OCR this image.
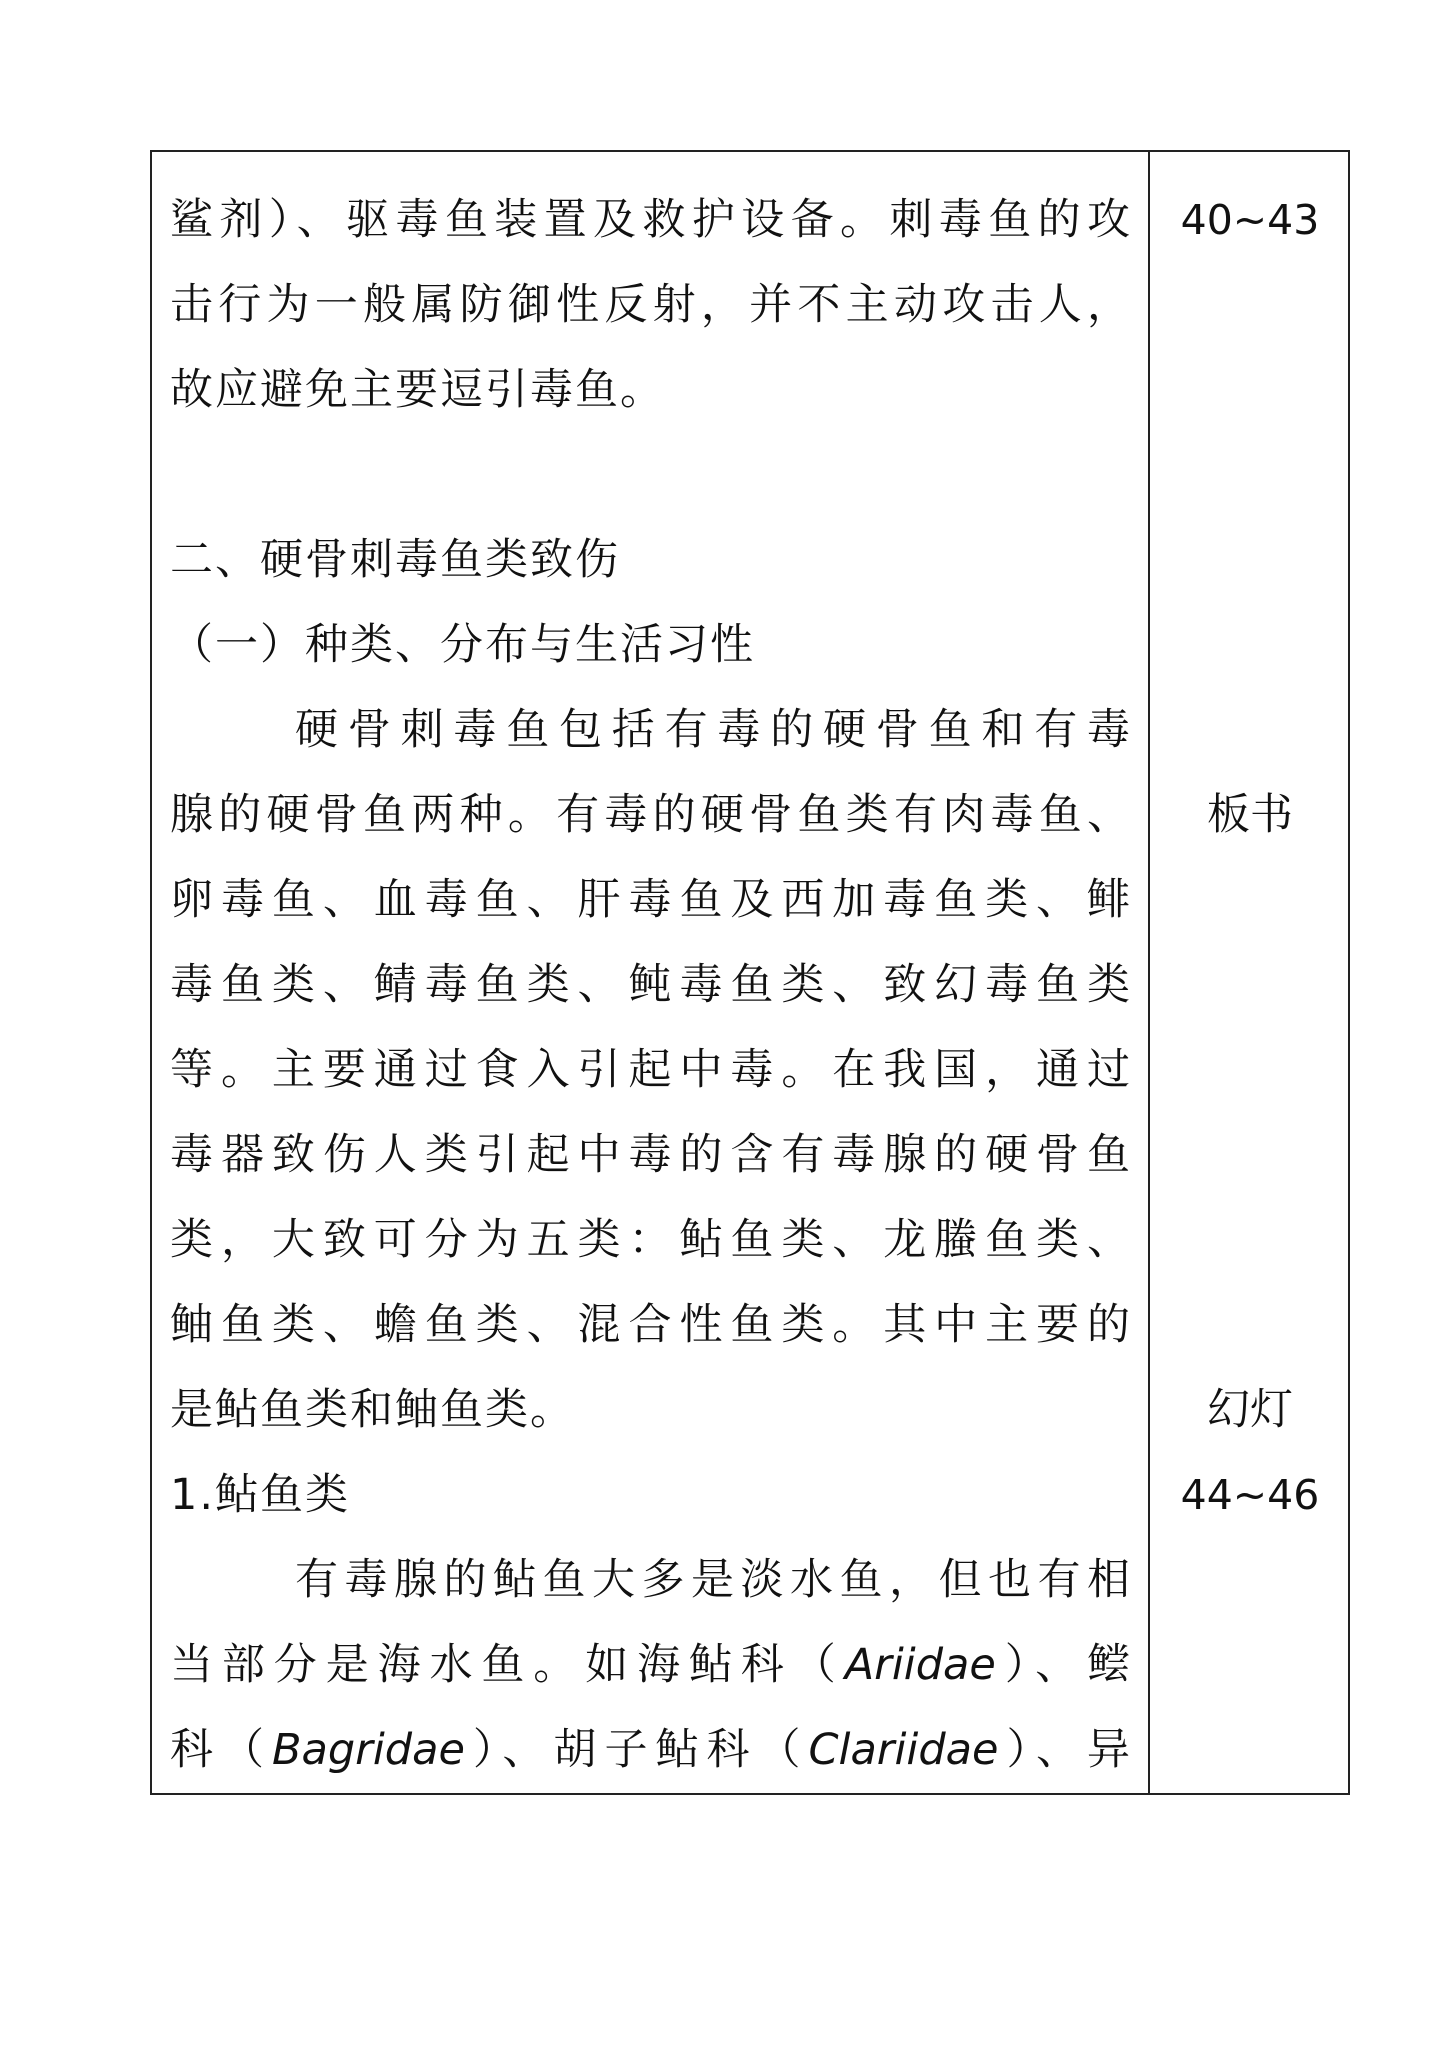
鲨剂）、驱毒鱼装置及救护设备。刺毒鱼的攻
击行为一般属防御性反射，并不主动攻击人，
故应避免主要逗引毒鱼。
二、硬骨刺毒鱼类致伤
（一）种类、分布与生活习性
硬骨刺毒鱼包括有毒的硬骨鱼和有毒
腺的硬骨鱼两种。有毒的硬骨鱼类有肉毒鱼、
卵毒鱼、血毒鱼、肝毒鱼及西加毒鱼类、鲱
毒鱼类、鲭毒鱼类、鲀毒鱼类、致幻毒鱼类
等。主要通过食入引起中毒。在我国，通过
毒器致伤人类引起中毒的含有毒腺的硬骨鱼
类，大致可分为五类：鲇鱼类、龙螣鱼类、
鲉鱼类、蟾鱼类、混合性鱼类。其中主要的
是鲇鱼类和鲉鱼类。
1.鲇鱼类
有毒腺的鲇鱼大多是淡水鱼，但也有相
当部分是海水鱼。如海鲇科（Ariidae）、鲿
科（Bagridae）、胡子鲇科（Clariidae）、异
40~43
板书
幻灯
44~46
